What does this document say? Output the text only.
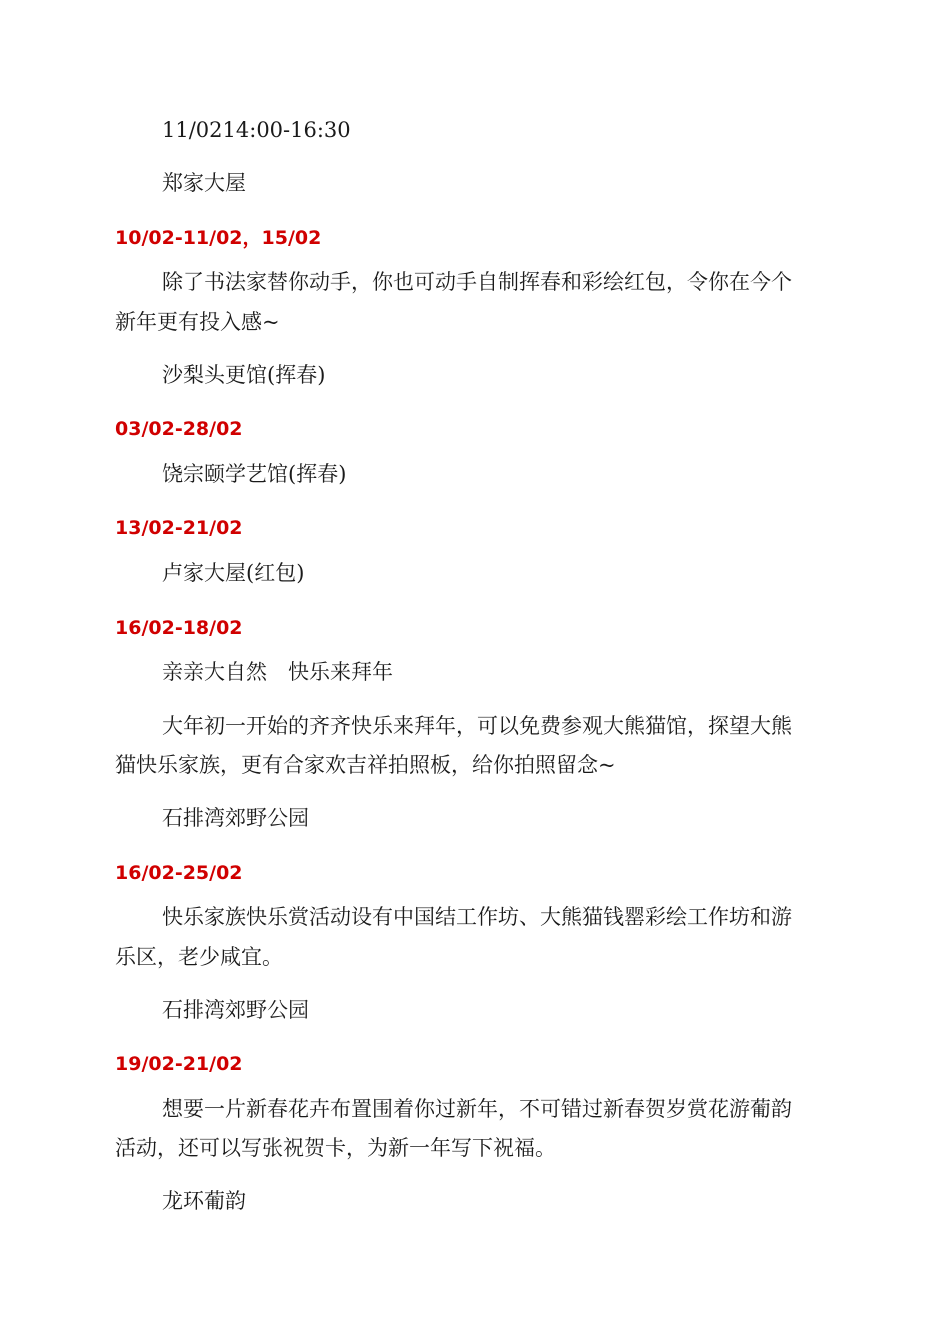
11/0214:00-16:30
郑家大屋
10/02-11/02，15/02
除了书法家替你动手，你也可动手自制挥春和彩绘红包，令你在今个
新年更有投入感~
沙梨头更馆(挥春)
03/02-28/02
饶宗颐学艺馆(挥春)
13/02-21/02
卢家大屋(红包)
16/02-18/02
亲亲大自然　快乐来拜年
大年初一开始的齐齐快乐来拜年，可以免费参观大熊猫馆，探望大熊
猫快乐家族，更有合家欢吉祥拍照板，给你拍照留念~
石排湾郊野公园
16/02-25/02
快乐家族快乐赏活动设有中国结工作坊、大熊猫钱罂彩绘工作坊和游
乐区，老少咸宜。
石排湾郊野公园
19/02-21/02
想要一片新春花卉布置围着你过新年，不可错过新春贺岁赏花游葡韵
活动，还可以写张祝贺卡，为新一年写下祝福。
龙环葡韵
